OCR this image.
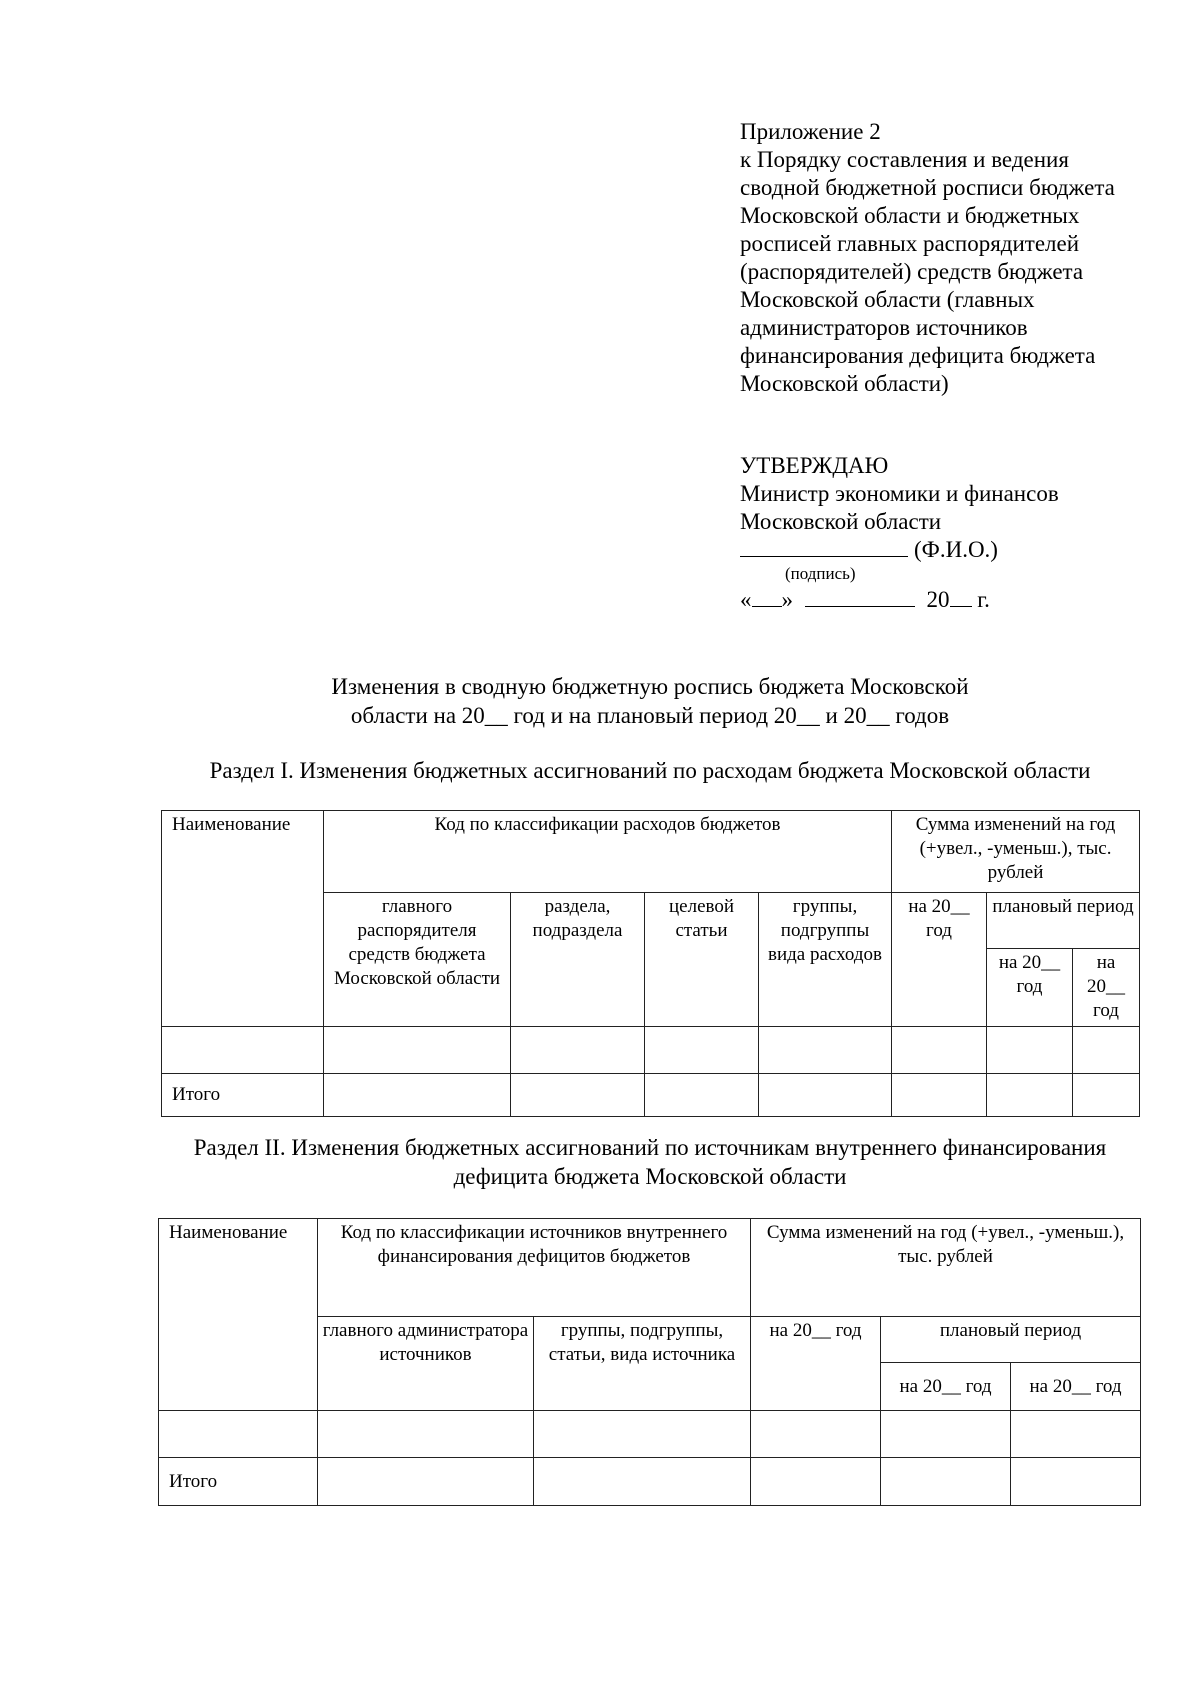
Приложение 2
к Порядку составления и ведения
сводной бюджетной росписи бюджета
Московской области и бюджетных
росписей главных распорядителей
(распорядителей) средств бюджета
Московской области (главных
администраторов источников
финансирования дефицита бюджета
Московской области)
УТВЕРЖДАЮ
Министр экономики и финансов
Московской области
(Ф.И.О.)
(подпись)
« »	20 г.
Изменения в сводную бюджетную роспись бюджета Московской
области на 20__ год и на плановый период 20__ и 20__ годов
Раздел I. Изменения бюджетных ассигнований по расходам бюджета Московской области
Наименование	Код по классификации расходов бюджетов				Сумма изменений на год (+увел., -уменьш.), тыс. рублей		
	главного распорядителя средств бюджета Московской области	раздела, подраздела	целевой статьи	группы, подгруппы вида расходов	на 20__ год	плановый период	
						на 20__ год	на 20__ год

Итого							
Раздел II. Изменения бюджетных ассигнований по источникам внутреннего финансирования дефицита бюджета Московской области
Наименование	Код по классификации источников внутреннего финансирования дефицитов бюджетов		Сумма изменений на год (+увел., -уменьш.), тыс. рублей		
	главного администратора источников	группы, подгруппы, статьи, вида источника	на 20__ год	плановый период	
				на 20__ год	на 20__ год

Итого					
